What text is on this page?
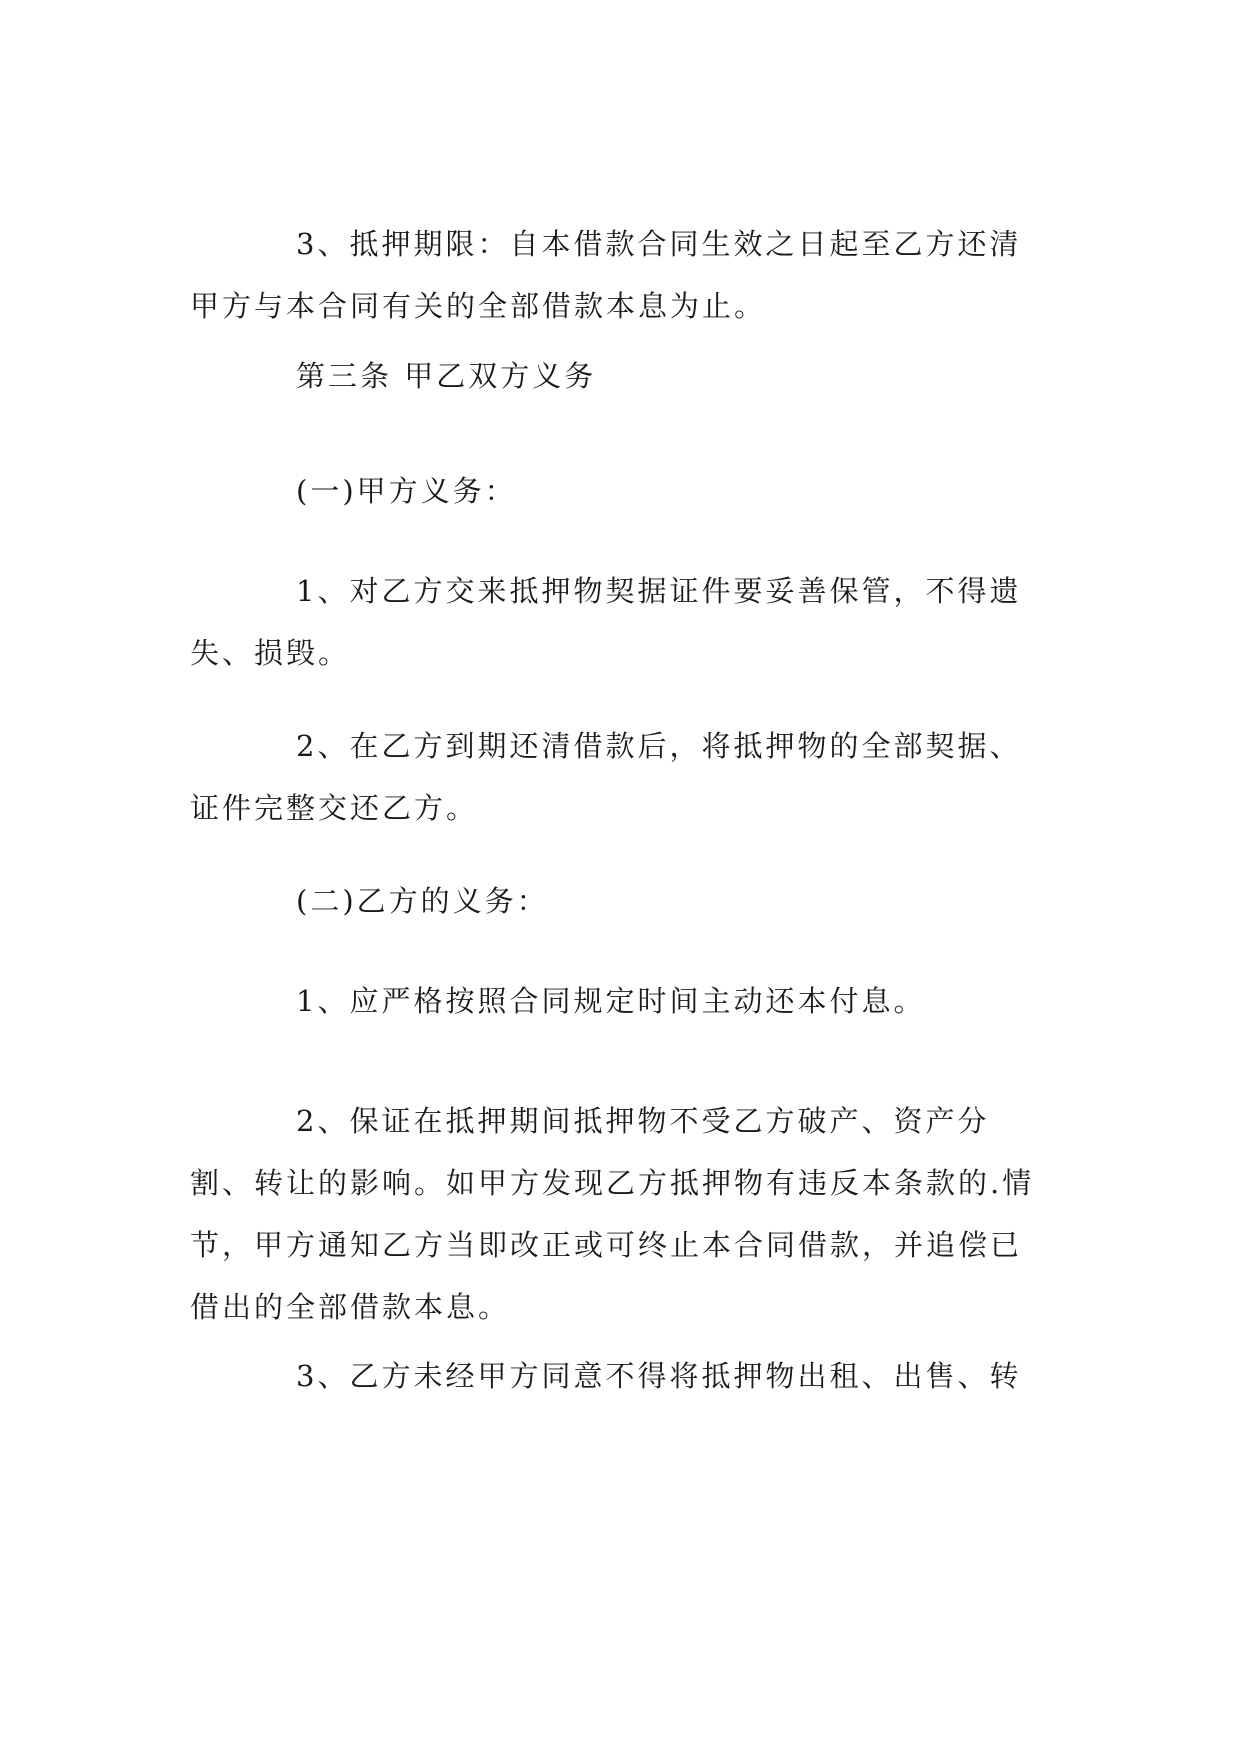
3、抵押期限：自本借款合同生效之日起至乙方还清甲方与本合同有关的全部借款本息为止。

第三条 甲乙双方义务

(一)甲方义务：

1、对乙方交来抵押物契据证件要妥善保管，不得遗失、损毁。

2、在乙方到期还清借款后，将抵押物的全部契据、证件完整交还乙方。

(二)乙方的义务：

1、应严格按照合同规定时间主动还本付息。

2、保证在抵押期间抵押物不受乙方破产、资产分割、转让的影响。如甲方发现乙方抵押物有违反本条款的.情节，甲方通知乙方当即改正或可终止本合同借款，并追偿已借出的全部借款本息。

3、乙方未经甲方同意不得将抵押物出租、出售、转
